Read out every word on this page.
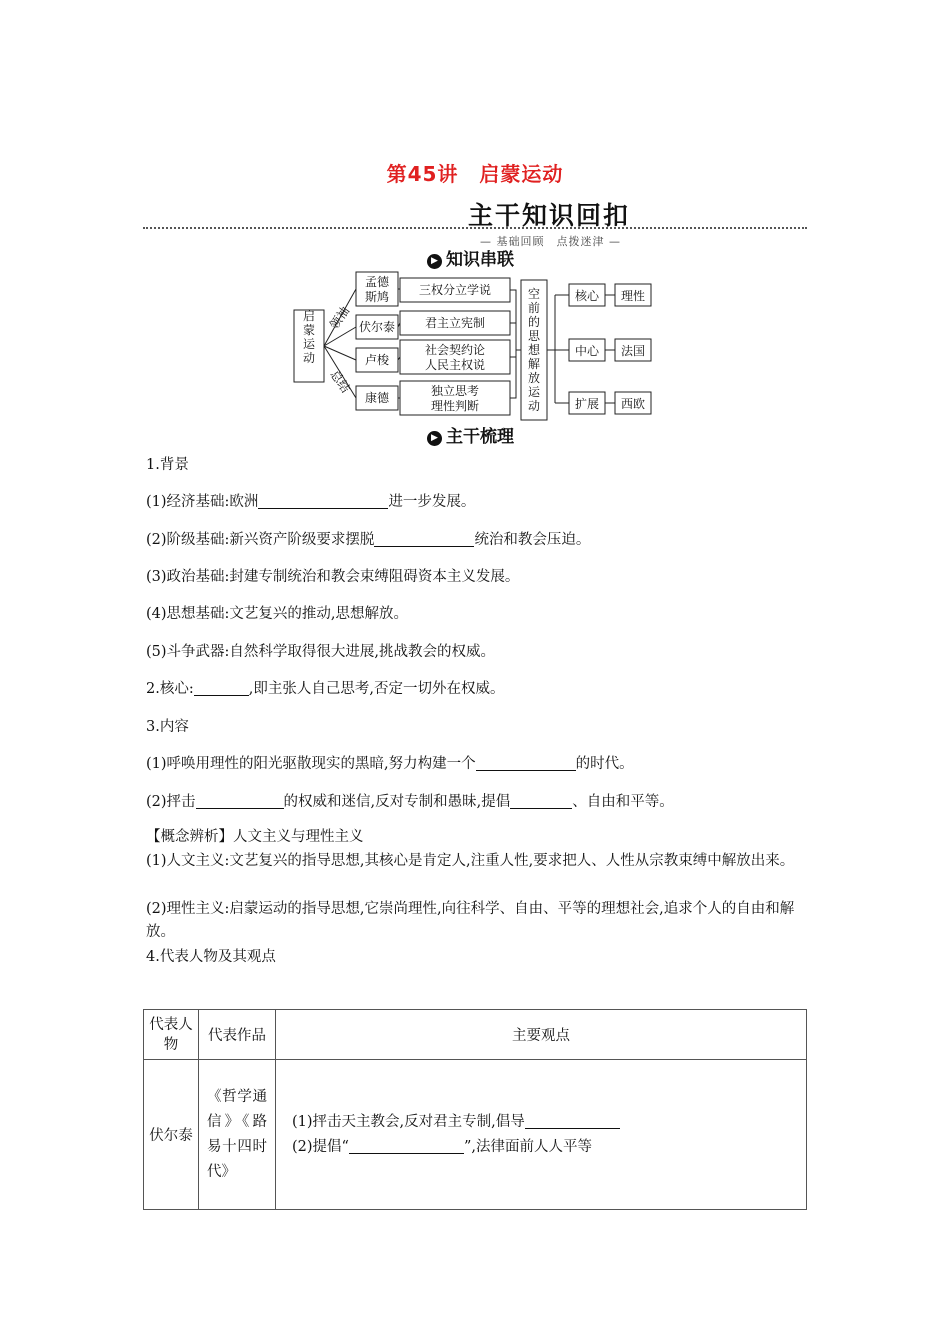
第45讲　启蒙运动
主干知识回扣
— 基础回顾　点拨迷津 —
▶ 知识串联
启蒙运动
领袖
总结
孟德
斯鸠
伏尔泰
卢梭
康德
三权分立学说
君主立宪制
社会契约论
人民主权说
独立思考
理性判断
空前的思想解放运动
核心
中心
扩展
理性
法国
西欧
▶ 主干梳理
1.背景
(1)经济基础:欧洲	进一步发展。
(2)阶级基础:新兴资产阶级要求摆脱	统治和教会压迫。
(3)政治基础:封建专制统治和教会束缚阻碍资本主义发展。
(4)思想基础:文艺复兴的推动,思想解放。
(5)斗争武器:自然科学取得很大进展,挑战教会的权威。
2.核心:	,即主张人自己思考,否定一切外在权威。
3.内容
(1)呼唤用理性的阳光驱散现实的黑暗,努力构建一个	的时代。
(2)抨击	的权威和迷信,反对专制和愚昧,提倡	、自由和平等。
【概念辨析】人文主义与理性主义
(1)人文主义:文艺复兴的指导思想,其核心是肯定人,注重人性,要求把人、人性从宗教束缚中解放出来。
(2)理性主义:启蒙运动的指导思想,它崇尚理性,向往科学、自由、平等的理想社会,追求个人的自由和解放。
4.代表人物及其观点
代表人物	代表作品	主要观点
伏尔泰	《哲学通信》《路易十四时代》	(1)抨击天主教会,反对君主专制,倡导
(2)提倡“ ”,法律面前人人平等
